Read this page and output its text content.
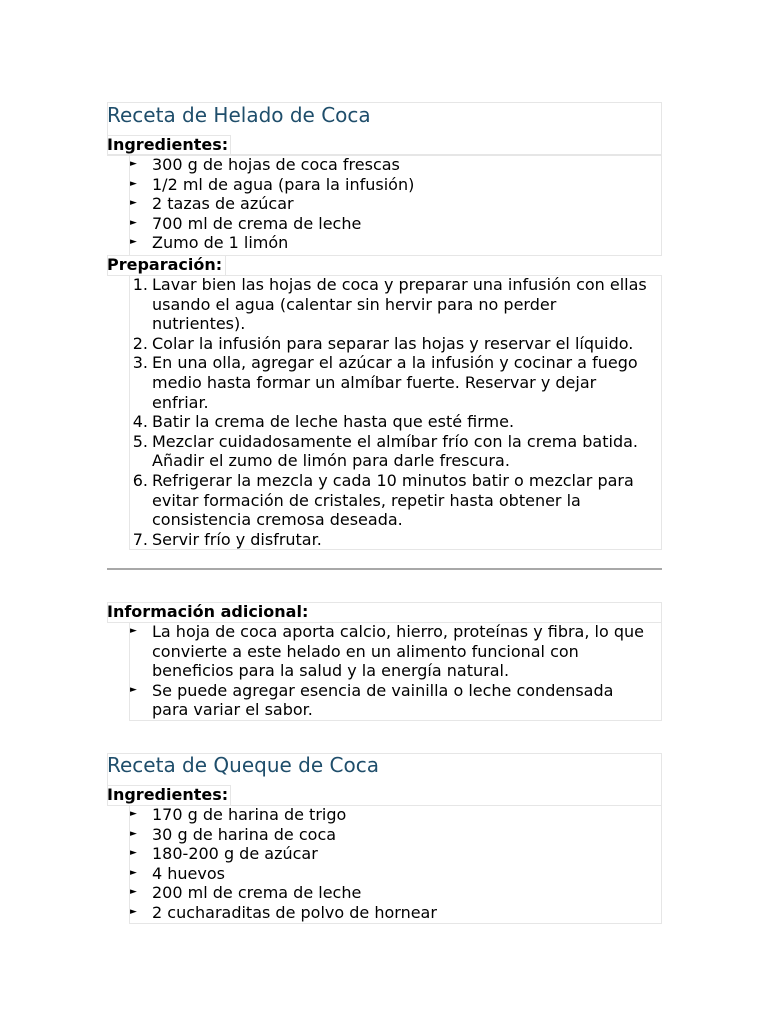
Receta de Helado de Coca
Ingredientes:
► 300 g de hojas de coca frescas
► 1/2 ml de agua (para la infusión)
► 2 tazas de azúcar
► 700 ml de crema de leche
► Zumo de 1 limón
Preparación:
1. Lavar bien las hojas de coca y preparar una infusión con ellas usando el agua (calentar sin hervir para no perder nutrientes).
2. Colar la infusión para separar las hojas y reservar el líquido.
3. En una olla, agregar el azúcar a la infusión y cocinar a fuego medio hasta formar un almíbar fuerte. Reservar y dejar enfriar.
4. Batir la crema de leche hasta que esté firme.
5. Mezclar cuidadosamente el almíbar frío con la crema batida. Añadir el zumo de limón para darle frescura.
6. Refrigerar la mezcla y cada 10 minutos batir o mezclar para evitar formación de cristales, repetir hasta obtener la consistencia cremosa deseada.
7. Servir frío y disfrutar.
Información adicional:
► La hoja de coca aporta calcio, hierro, proteínas y fibra, lo que convierte a este helado en un alimento funcional con beneficios para la salud y la energía natural.
► Se puede agregar esencia de vainilla o leche condensada para variar el sabor.
Receta de Queque de Coca
Ingredientes:
► 170 g de harina de trigo
► 30 g de harina de coca
► 180-200 g de azúcar
► 4 huevos
► 200 ml de crema de leche
► 2 cucharaditas de polvo de hornear
